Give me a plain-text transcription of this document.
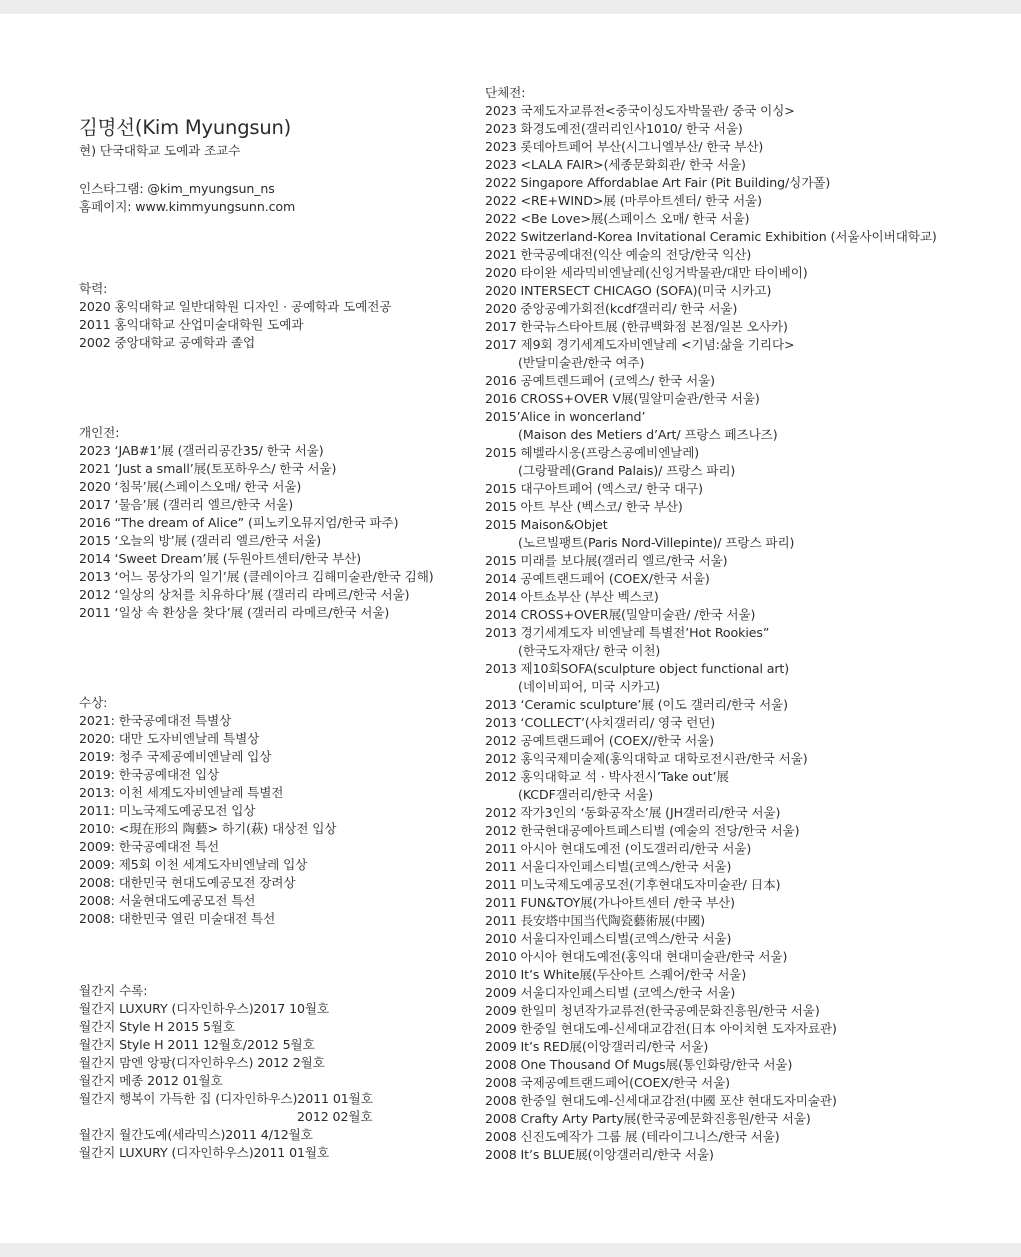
김명선(Kim Myungsun)

현) 단국대학교 도예과 조교수

인스타그램: @kim_myungsun_ns

홈페이지: www.kimmyungsunn.com

학력:

2020 홍익대학교 일반대학원 디자인 · 공예학과 도예전공

2011 홍익대학교 산업미술대학원 도예과

2002 중앙대학교 공예학과 졸업

개인전:

2023 ‘JAB#1’展 (갤러리공간35/ 한국 서울)

2021 ‘Just a small’展(토포하우스/ 한국 서울)

2020 ‘침묵’展(스페이스오매/ 한국 서울)

2017 ‘물음’展 (갤러리 엘르/한국 서울)

2016 “The dream of Alice” (피노키오뮤지엄/한국 파주)

2015 ‘오늘의 방’展 (갤러리 엘르/한국 서울)

2014 ‘Sweet Dream’展 (두원아트센터/한국 부산)

2013 ‘어느 몽상가의 일기’展 (클레이아크 김해미술관/한국 김해)

2012 ‘일상의 상처를 치유하다’展 (갤러리 라메르/한국 서울)

2011 ‘일상 속 환상을 찾다’展 (갤러리 라메르/한국 서울)

수상:

2021: 한국공예대전 특별상

2020: 대만 도자비엔날레 특별상

2019: 청주 국제공예비엔날레 입상

2019: 한국공예대전 입상

2013: 이천 세계도자비엔날레 특별전

2011: 미노국제도예공모전 입상

2010: <現在形의 陶藝> 하기(萩) 대상전 입상

2009: 한국공예대전 특선

2009: 제5회 이천 세계도자비엔날레 입상

2008: 대한민국 현대도예공모전 장려상

2008: 서울현대도예공모전 특선

2008: 대한민국 열린 미술대전 특선

월간지 수록:

월간지 LUXURY (디자인하우스)2017 10월호

월간지 Style H 2015 5월호

월간지 Style H 2011 12월호/2012 5월호

월간지 맘엔 앙팡(디자인하우스) 2012 2월호

월간지 메종 2012 01월호

월간지 행복이 가득한 집 (디자인하우스)2011 01월호

2012 02월호

월간지 월간도예(세라믹스)2011 4/12월호

월간지 LUXURY (디자인하우스)2011 01월호

단체전:

2023 국제도자교류전<중국이싱도자박물관/ 중국 이싱>

2023 화경도예전(갤러리인사1010/ 한국 서울)

2023 롯데아트페어 부산(시그니엘부산/ 한국 부산)

2023 <LALA FAIR>(세종문화회관/ 한국 서울)

2022 Singapore Affordablae Art Fair (Pit Building/싱가폴)

2022 <RE+WIND>展 (마루아트센터/ 한국 서울)

2022 <Be Love>展(스페이스 오매/ 한국 서울)

2022 Switzerland-Korea Invitational Ceramic Exhibition (서울사이버대학교)

2021 한국공예대전(익산 예술의 전당/한국 익산)

2020 타이완 세라믹비엔날레(신잉거박물관/대만 타이베이)

2020 INTERSECT CHICAGO (SOFA)(미국 시카고)

2020 중앙공예가회전(kcdf갤러리/ 한국 서울)

2017 한국뉴스타아트展 (한큐백화점 본점/일본 오사카)

2017 제9회 경기세계도자비엔날레 <기념:삶을 기리다>

(반달미술관/한국 여주)

2016 공예트렌드페어 (코엑스/ 한국 서울)

2016 CROSS+OVER V展(밀알미술관/한국 서울)

2015’Alice in woncerland’

(Maison des Metiers d’Art/ 프랑스 페즈나즈)

2015 헤벨라시옹(프랑스공예비엔날레)

(그랑팔레(Grand Palais)/ 프랑스 파리)

2015 대구아트페어 (엑스코/ 한국 대구)

2015 아트 부산 (벡스코/ 한국 부산)

2015 Maison&Objet

(노르빌팽트(Paris Nord-Villepinte)/ 프랑스 파리)

2015 미래를 보다展(갤러리 엘르/한국 서울)

2014 공예트랜드페어 (COEX/한국 서울)

2014 아트쇼부산 (부산 벡스코)

2014 CROSS+OVER展(밀알미술관/ /한국 서울)

2013 경기세계도자 비엔날레 특별전’Hot Rookies”

(한국도자재단/ 한국 이천)

2013 제10회SOFA(sculpture object functional art)

(네이비피어, 미국 시카고)

2013 ‘Ceramic sculpture’展 (이도 갤러리/한국 서울)

2013 ‘COLLECT’(사치갤러리/ 영국 런던)

2012 공예트랜드페어 (COEX//한국 서울)

2012 홍익국제미술제(홍익대학교 대학로전시관/한국 서울)

2012 홍익대학교 석 · 박사전시’Take out’展

(KCDF갤러리/한국 서울)

2012 작가3인의 ‘동화공작소’展 (JH갤러리/한국 서울)

2012 한국현대공예아트페스티벌 (예술의 전당/한국 서울)

2011 아시아 현대도예전 (이도갤러리/한국 서울)

2011 서울디자인페스티벌(코엑스/한국 서울)

2011 미노국제도예공모전(기후현대도자미술관/ 日本)

2011 FUN&TOY展(가나아트센터 /한국 부산)

2011 長安塔中国当代陶瓷藝術展(中國)

2010 서울디자인페스티벌(코엑스/한국 서울)

2010 아시아 현대도예전(홍익대 현대미술관/한국 서울)

2010 It’s White展(두산아트 스퀘어/한국 서울)

2009 서울디자인페스티벌 (코엑스/한국 서울)

2009 한일미 청년작가교류전(한국공예문화진흥원/한국 서울)

2009 한중일 현대도예-신세대교감전(日本 아이치현 도자자료관)

2009 It’s RED展(이앙갤러리/한국 서울)

2008 One Thousand Of Mugs展(통인화랑/한국 서울)

2008 국제공예트랜드페어(COEX/한국 서울)

2008 한중일 현대도예-신세대교감전(中國 포샨 현대도자미술관)

2008 Crafty Arty Party展(한국공예문화진흥원/한국 서울)

2008 신진도예작가 그룹 展 (테라이그니스/한국 서울)

2008 It’s BLUE展(이앙갤러리/한국 서울)
